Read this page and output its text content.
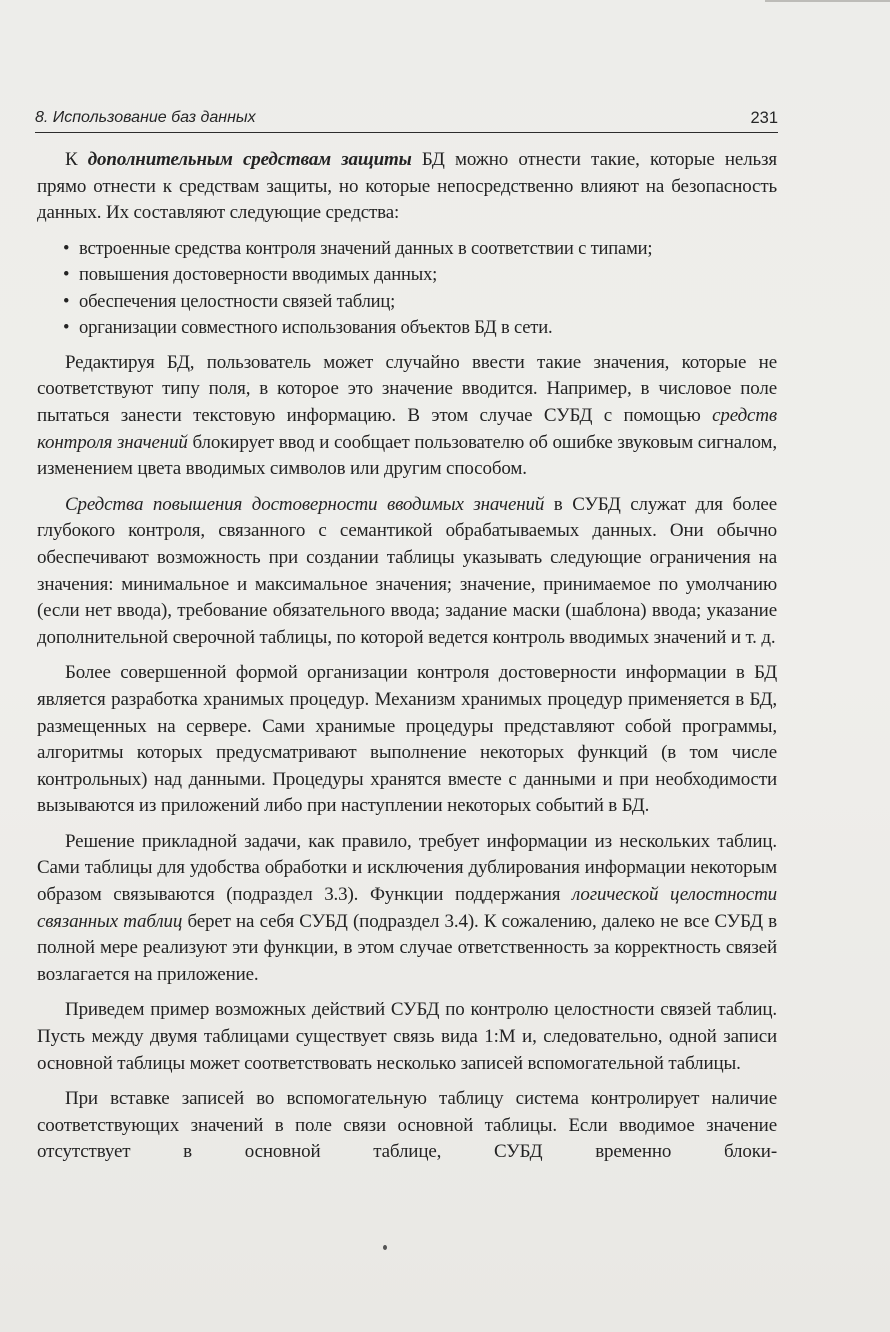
8. Использование баз данных	231

К дополнительным средствам защиты БД можно отнести такие, которые нельзя прямо отнести к средствам защиты, но которые непосредственно влияют на безопасность данных. Их составляют следующие средства:

• встроенные средства контроля значений данных в соответствии с типами;
• повышения достоверности вводимых данных;
• обеспечения целостности связей таблиц;
• организации совместного использования объектов БД в сети.

Редактируя БД, пользователь может случайно ввести такие значения, которые не соответствуют типу поля, в которое это значение вводится. Например, в числовое поле пытаться занести текстовую информацию. В этом случае СУБД с помощью средств контроля значений блокирует ввод и сообщает пользователю об ошибке звуковым сигналом, изменением цвета вводимых символов или другим способом.

Средства повышения достоверности вводимых значений в СУБД служат для более глубокого контроля, связанного с семантикой обрабатываемых данных. Они обычно обеспечивают возможность при создании таблицы указывать следующие ограничения на значения: минимальное и максимальное значения; значение, принимаемое по умолчанию (если нет ввода), требование обязательного ввода; задание маски (шаблона) ввода; указание дополнительной сверочной таблицы, по которой ведется контроль вводимых значений и т. д.

Более совершенной формой организации контроля достоверности информации в БД является разработка хранимых процедур. Механизм хранимых процедур применяется в БД, размещенных на сервере. Сами хранимые процедуры представляют собой программы, алгоритмы которых предусматривают выполнение некоторых функций (в том числе контрольных) над данными. Процедуры хранятся вместе с данными и при необходимости вызываются из приложений либо при наступлении некоторых событий в БД.

Решение прикладной задачи, как правило, требует информации из нескольких таблиц. Сами таблицы для удобства обработки и исключения дублирования информации некоторым образом связываются (подраздел 3.3). Функции поддержания логической целостности связанных таблиц берет на себя СУБД (подраздел 3.4). К сожалению, далеко не все СУБД в полной мере реализуют эти функции, в этом случае ответственность за корректность связей возлагается на приложение.

Приведем пример возможных действий СУБД по контролю целостности связей таблиц. Пусть между двумя таблицами существует связь вида 1:М и, следовательно, одной записи основной таблицы может соответствовать несколько записей вспомогательной таблицы.

При вставке записей во вспомогательную таблицу система контролирует наличие соответствующих значений в поле связи основной таблицы. Если вводимое значение отсутствует в основной таблице, СУБД временно блоки-
